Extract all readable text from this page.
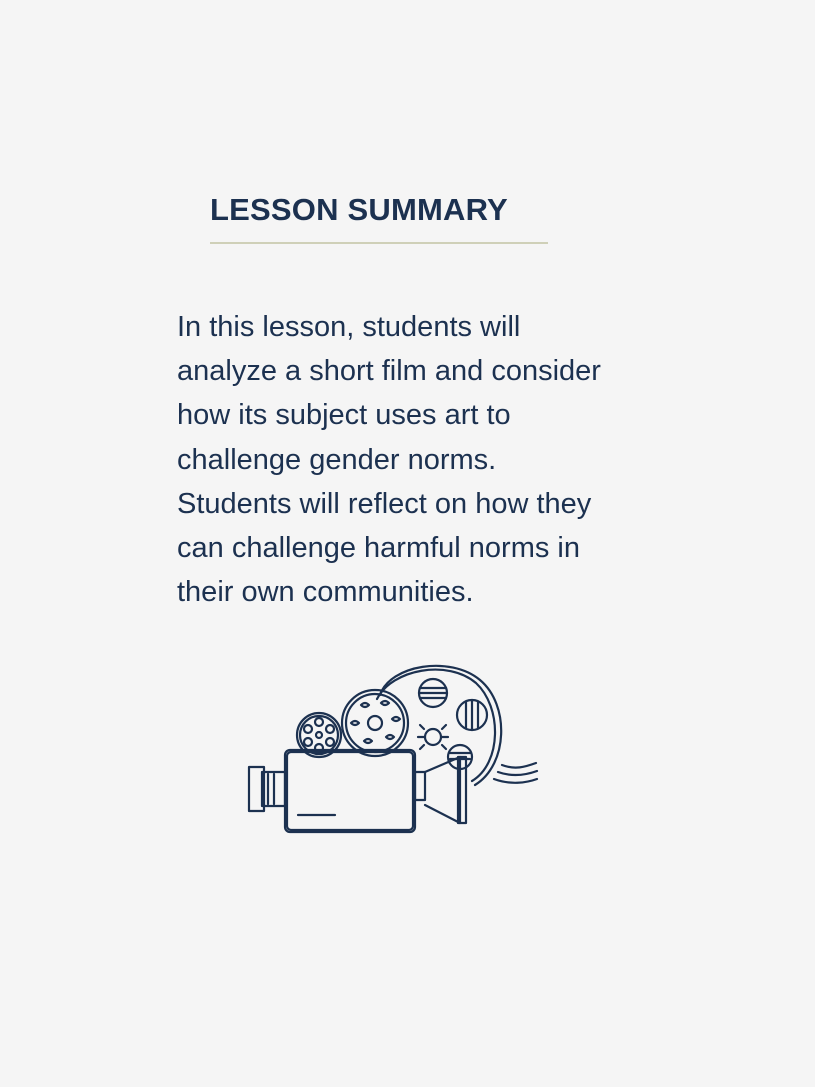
LESSON SUMMARY

In this lesson, students will
analyze a short film and consider
how its subject uses art to
challenge gender norms.
Students will reflect on how they
can challenge harmful norms in
their own communities.
